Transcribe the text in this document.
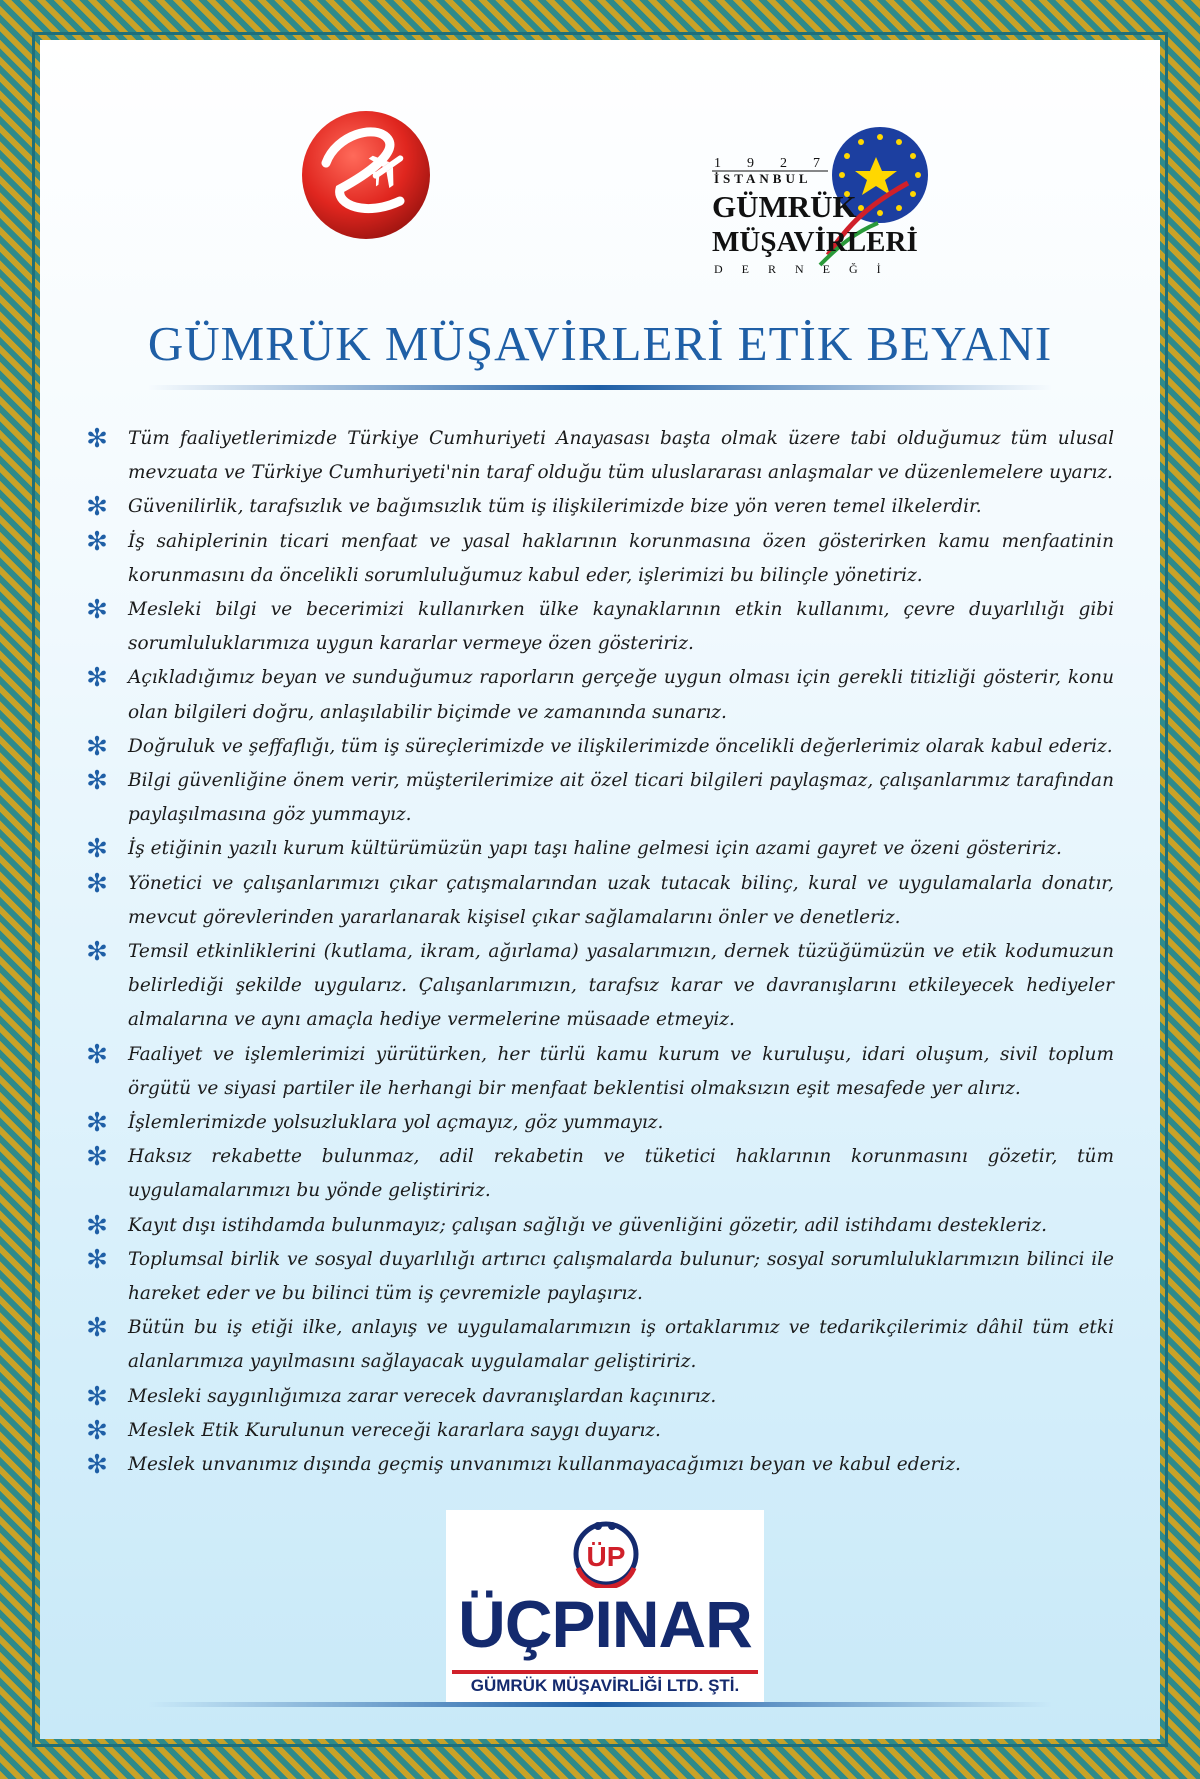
1927
İSTANBUL
GÜMRÜK
MÜŞAVİRLERİ
DERNEĞİ
GÜMRÜK MÜŞAVİRLERİ ETİK BEYANI
✻ Tüm faaliyetlerimizde Türkiye Cumhuriyeti Anayasası başta olmak üzere tabi olduğumuz tüm ulusal mevzuata ve Türkiye Cumhuriyeti'nin taraf olduğu tüm uluslararası anlaşmalar ve düzenlemelere uyarız.
✻ Güvenilirlik, tarafsızlık ve bağımsızlık tüm iş ilişkilerimizde bize yön veren temel ilkelerdir.
✻ İş sahiplerinin ticari menfaat ve yasal haklarının korunmasına özen gösterirken kamu menfaatinin korunmasını da öncelikli sorumluluğumuz kabul eder, işlerimizi bu bilinçle yönetiriz.
✻ Mesleki bilgi ve becerimizi kullanırken ülke kaynaklarının etkin kullanımı, çevre duyarlılığı gibi sorumluluklarımıza uygun kararlar vermeye özen gösteririz.
✻ Açıkladığımız beyan ve sunduğumuz raporların gerçeğe uygun olması için gerekli titizliği gösterir, konu olan bilgileri doğru, anlaşılabilir biçimde ve zamanında sunarız.
✻ Doğruluk ve şeffaflığı, tüm iş süreçlerimizde ve ilişkilerimizde öncelikli değerlerimiz olarak kabul ederiz.
✻ Bilgi güvenliğine önem verir, müşterilerimize ait özel ticari bilgileri paylaşmaz, çalışanlarımız tarafından paylaşılmasına göz yummayız.
✻ İş etiğinin yazılı kurum kültürümüzün yapı taşı haline gelmesi için azami gayret ve özeni gösteririz.
✻ Yönetici ve çalışanlarımızı çıkar çatışmalarından uzak tutacak bilinç, kural ve uygulamalarla donatır, mevcut görevlerinden yararlanarak kişisel çıkar sağlamalarını önler ve denetleriz.
✻ Temsil etkinliklerini (kutlama, ikram, ağırlama) yasalarımızın, dernek tüzüğümüzün ve etik kodumuzun belirlediği şekilde uygularız. Çalışanlarımızın, tarafsız karar ve davranışlarını etkileyecek hediyeler almalarına ve aynı amaçla hediye vermelerine müsaade etmeyiz.
✻ Faaliyet ve işlemlerimizi yürütürken, her türlü kamu kurum ve kuruluşu, idari oluşum, sivil toplum örgütü ve siyasi partiler ile herhangi bir menfaat beklentisi olmaksızın eşit mesafede yer alırız.
✻ İşlemlerimizde yolsuzluklara yol açmayız, göz yummayız.
✻ Haksız rekabette bulunmaz, adil rekabetin ve tüketici haklarının korunmasını gözetir, tüm uygulamalarımızı bu yönde geliştiririz.
✻ Kayıt dışı istihdamda bulunmayız; çalışan sağlığı ve güvenliğini gözetir, adil istihdamı destekleriz.
✻ Toplumsal birlik ve sosyal duyarlılığı artırıcı çalışmalarda bulunur; sosyal sorumluluklarımızın bilinci ile hareket eder ve bu bilinci tüm iş çevremizle paylaşırız.
✻ Bütün bu iş etiği ilke, anlayış ve uygulamalarımızın iş ortaklarımız ve tedarikçilerimiz dâhil tüm etki alanlarımıza yayılmasını sağlayacak uygulamalar geliştiririz.
✻ Mesleki saygınlığımıza zarar verecek davranışlardan kaçınırız.
✻ Meslek Etik Kurulunun vereceği kararlara saygı duyarız.
✻ Meslek unvanımız dışında geçmiş unvanımızı kullanmayacağımızı beyan ve kabul ederiz.
ÜP
ÜÇPINAR
GÜMRÜK MÜŞAVİRLİĞİ LTD. ŞTİ.
